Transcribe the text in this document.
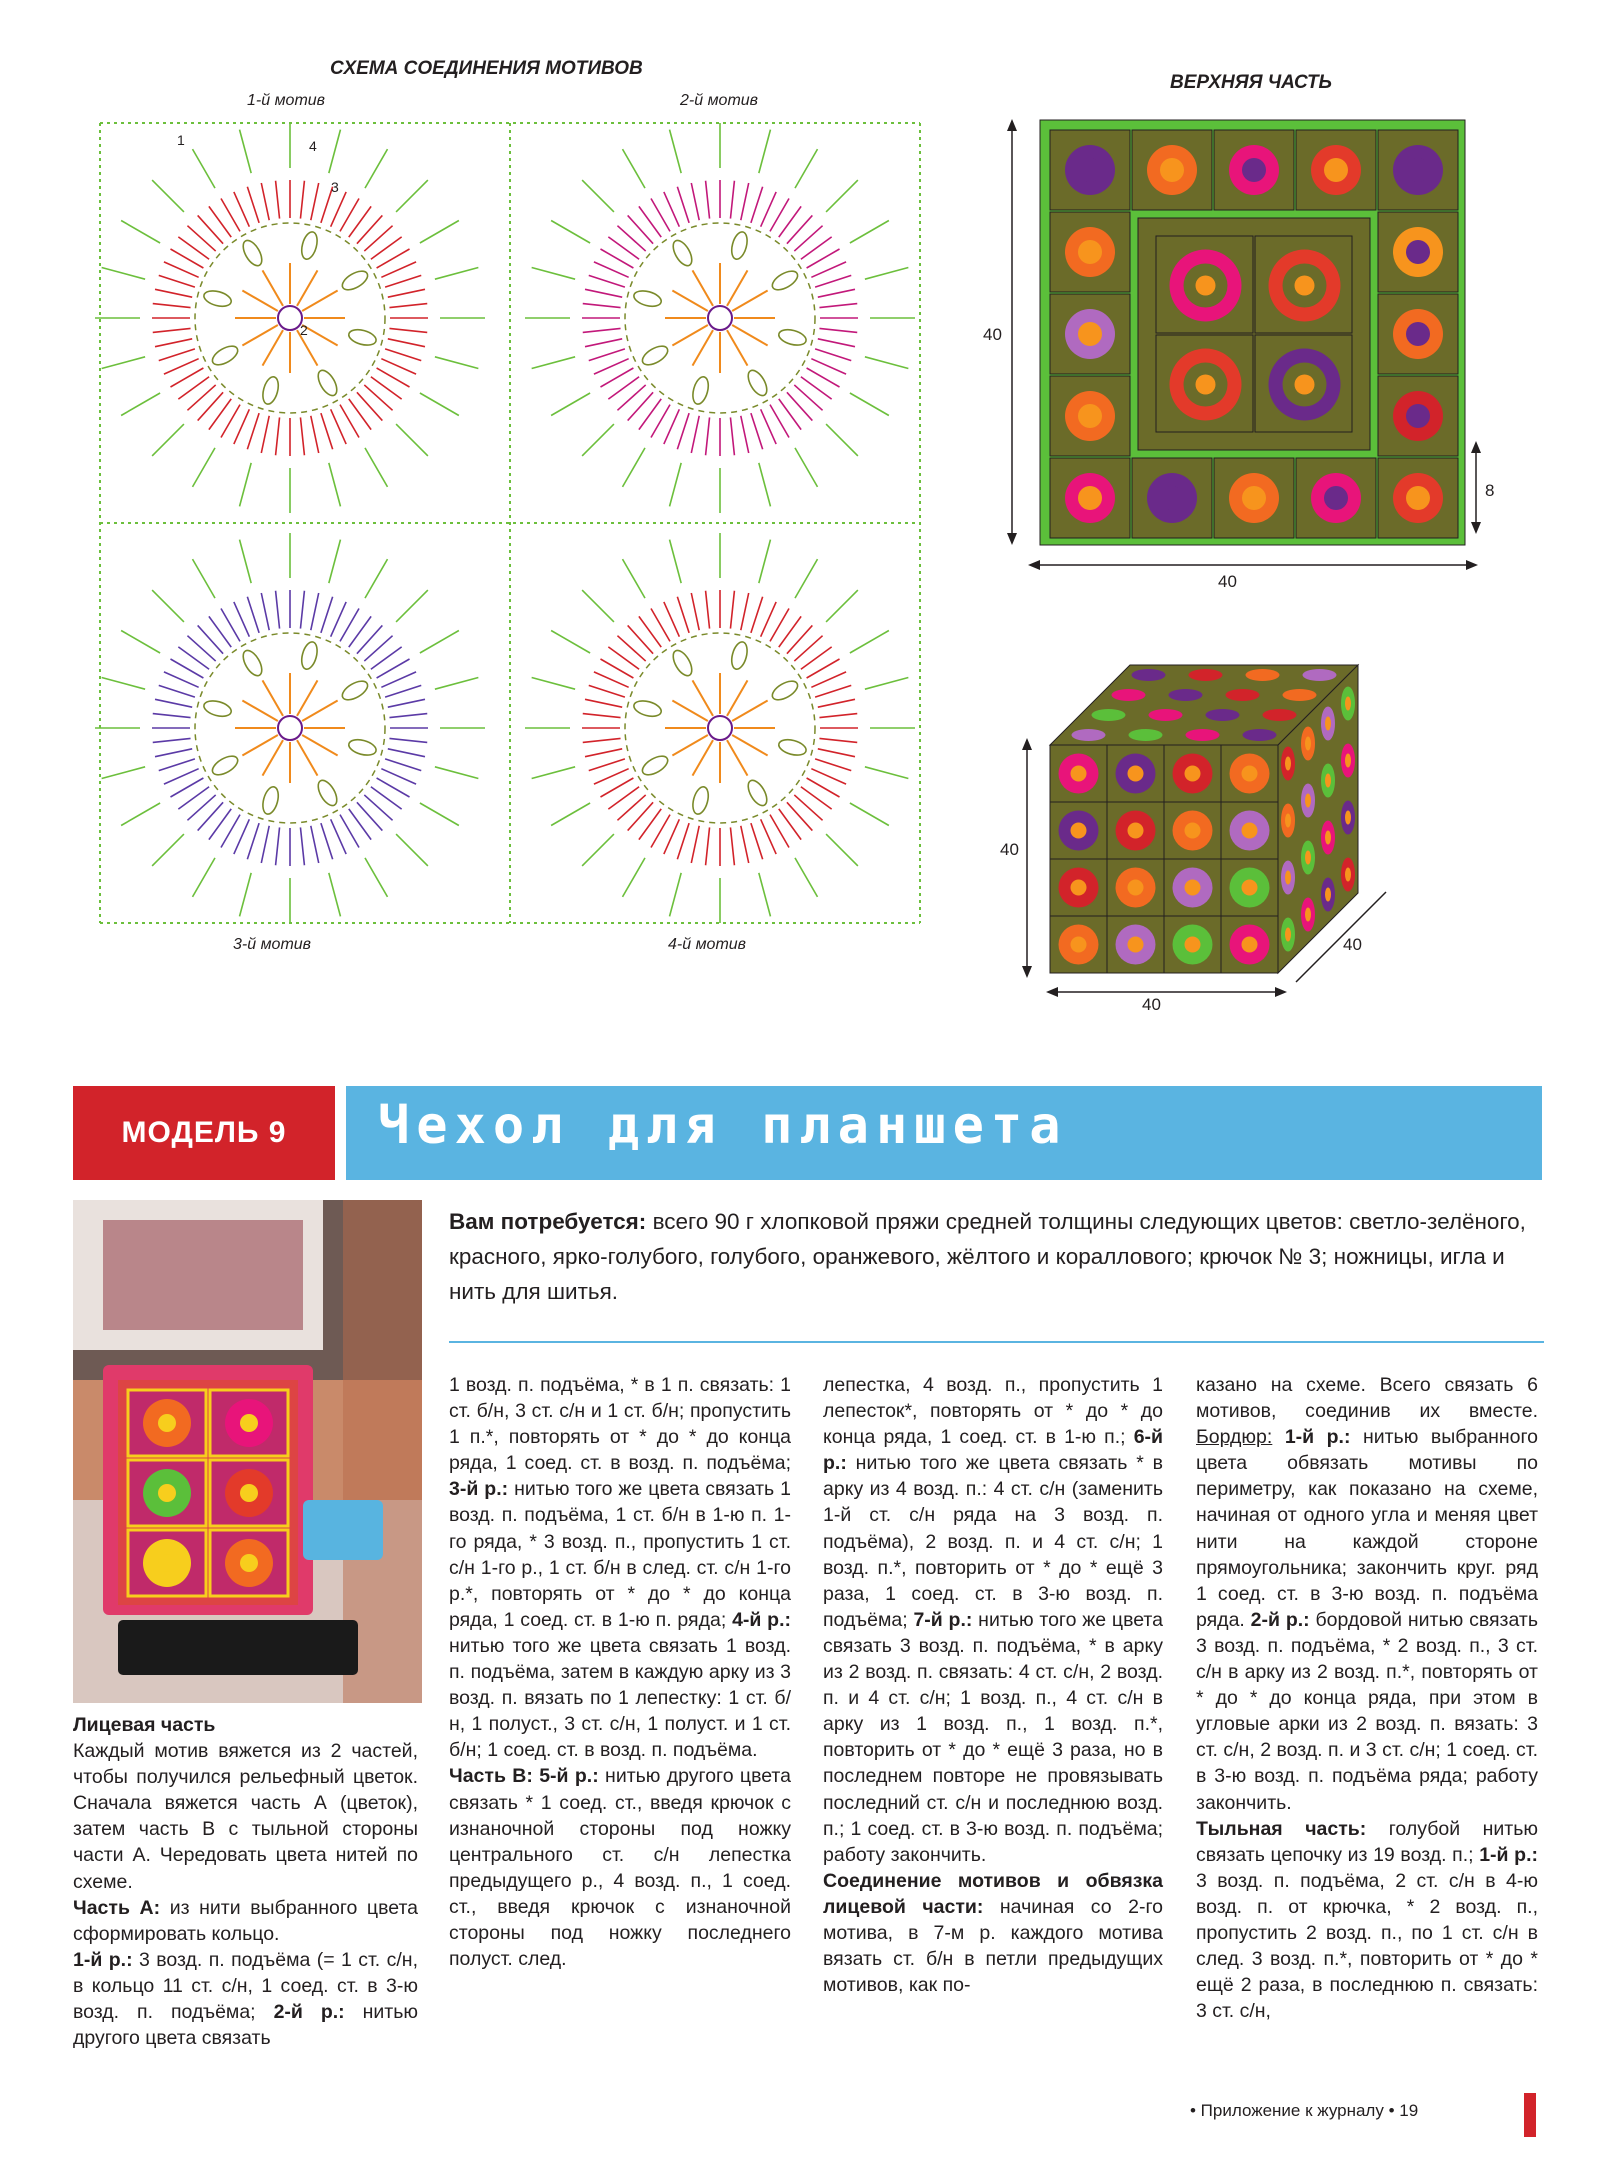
СХЕМА СОЕДИНЕНИЯ МОТИВОВ
1-й мотив	2-й мотив
3-й мотив	4-й мотив
1
2
3
4
ВЕРХНЯЯ ЧАСТЬ
40
40
8
40
40
40
МОДЕЛЬ 9	Чехол для планшета
Вам потребуется: всего 90 г хлопковой пряжи средней толщины следующих цветов: светло-зелёного, красного, ярко-голубого, голубого, оранжевого, жёлтого и кораллового; крючок № 3; ножницы, игла и нить для шитья.

Лицевая часть

Каждый мотив вяжется из 2 частей, чтобы получился рельефный цветок. Сначала вяжется часть А (цветок), затем часть В с тыльной стороны части А. Чередовать цвета нитей по схеме.

Часть А: из нити выбранного цвета сформировать кольцо.

1-й р.: 3 возд. п. подъёма (= 1 ст. с/н, в кольцо 11 ст. с/н, 1 соед. ст. в 3-ю возд. п. подъёма; 2-й р.: нитью другого цвета связать

1 возд. п. подъёма, * в 1 п. связать: 1 ст. б/н, 3 ст. с/н и 1 ст. б/н; пропустить 1 п.*, повторять от * до * до конца ряда, 1 соед. ст. в возд. п. подъёма; 3-й р.: нитью того же цвета связать 1 возд. п. подъёма, 1 ст. б/н в 1-ю п. 1-го ряда, * 3 возд. п., пропустить 1 ст. с/н 1-го р., 1 ст. б/н в след. ст. с/н 1-го р.*, повторять от * до * до конца ряда, 1 соед. ст. в 1-ю п. ряда; 4-й р.: нитью того же цвета связать 1 возд. п. подъёма, затем в каждую арку из 3 возд. п. вязать по 1 лепестку: 1 ст. б/н, 1 полуст., 3 ст. с/н, 1 полуст. и 1 ст. б/н; 1 соед. ст. в возд. п. подъёма.

Часть В: 5-й р.: нитью другого цвета связать * 1 соед. ст., введя крючок с изнаночной стороны под ножку центрального ст. с/н лепестка предыдущего р., 4 возд. п., 1 соед. ст., введя крючок с изнаночной стороны под ножку последнего полуст. след.

лепестка, 4 возд. п., пропустить 1 лепесток*, повторять от * до * до конца ряда, 1 соед. ст. в 1-ю п.; 6-й р.: нитью того же цвета связать * в арку из 4 возд. п.: 4 ст. с/н (заменить 1-й ст. с/н ряда на 3 возд. п. подъёма), 2 возд. п. и 4 ст. с/н; 1 возд. п.*, повторить от * до * ещё 3 раза, 1 соед. ст. в 3-ю возд. п. подъёма; 7-й р.: нитью того же цвета связать 3 возд. п. подъёма, * в арку из 2 возд. п. связать: 4 ст. с/н, 2 возд. п. и 4 ст. с/н; 1 возд. п., 4 ст. с/н в арку из 1 возд. п., 1 возд. п.*, повторить от * до * ещё 3 раза, но в последнем повторе не провязывать последний ст. с/н и последнюю возд. п.; 1 соед. ст. в 3-ю возд. п. подъёма; работу закончить.

Соединение мотивов и обвязка лицевой части: начиная со 2-го мотива, в 7-м р. каждого мотива вязать ст. б/н в петли предыдущих мотивов, как по-

казано на схеме. Всего связать 6 мотивов, соединив их вместе. Бордюр: 1-й р.: нитью выбранного цвета обвязать мотивы по периметру, как показано на схеме, начиная от одного угла и меняя цвет нити на каждой стороне прямоугольника; закончить круг. ряд 1 соед. ст. в 3-ю возд. п. подъёма ряда. 2-й р.: бордовой нитью связать 3 возд. п. подъёма, * 2 возд. п., 3 ст. с/н в арку из 2 возд. п.*, повторять от * до * до конца ряда, при этом в угловые арки из 2 возд. п. вязать: 3 ст. с/н, 2 возд. п. и 3 ст. с/н; 1 соед. ст. в 3-ю возд. п. подъёма ряда; работу закончить.

Тыльная часть: голубой нитью связать цепочку из 19 возд. п.; 1-й р.: 3 возд. п. подъёма, 2 ст. с/н в 4-ю возд. п. от крючка, * 2 возд. п., пропустить 2 возд. п., по 1 ст. с/н в след. 3 возд. п.*, повторить от * до * ещё 2 раза, в последнюю п. связать: 3 ст. с/н,

• Приложение к журналу • 19
